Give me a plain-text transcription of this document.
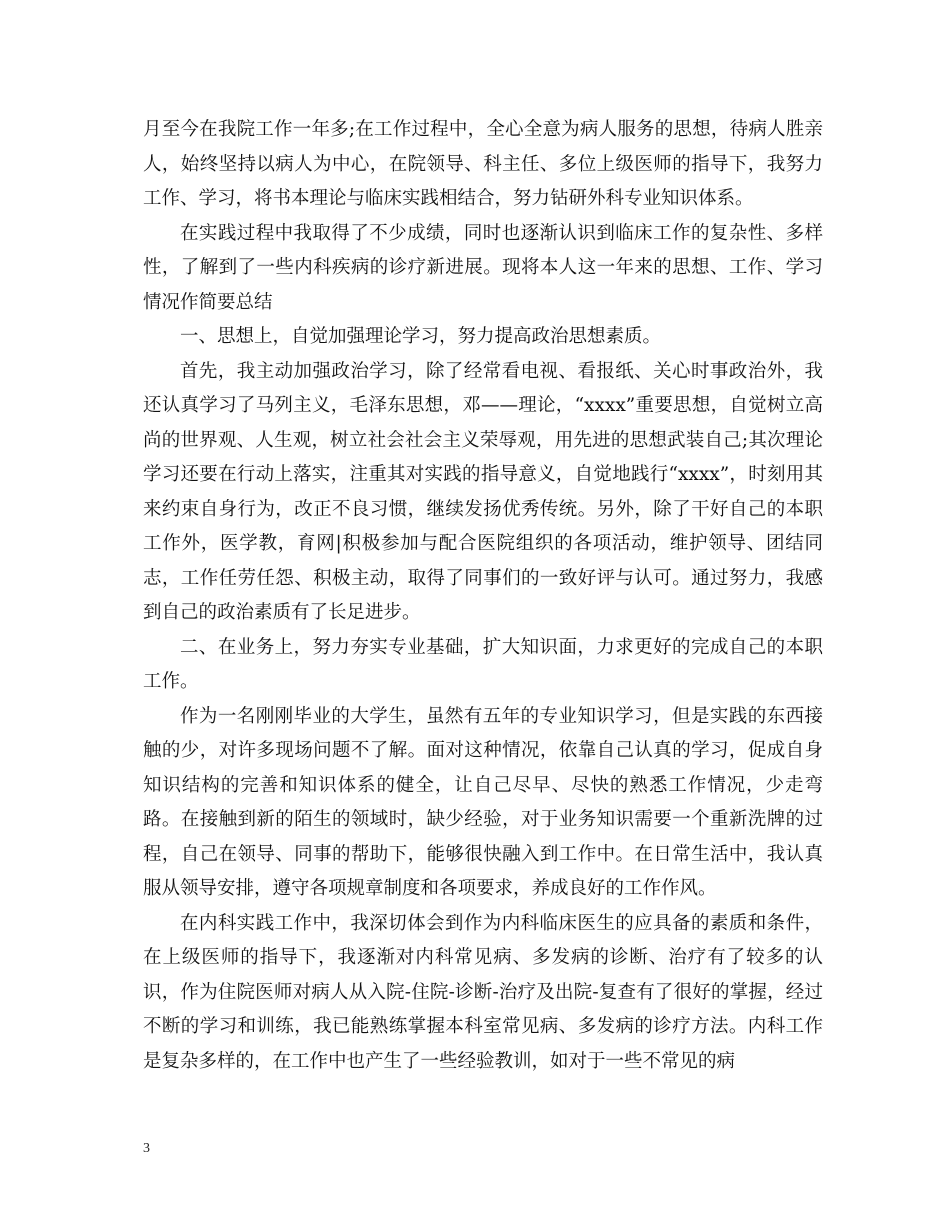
月至今在我院工作一年多;在工作过程中，全心全意为病人服务的思想，待病人胜亲人，始终坚持以病人为中心，在院领导、科主任、多位上级医师的指导下，我努力工作、学习，将书本理论与临床实践相结合，努力钻研外科专业知识体系。

在实践过程中我取得了不少成绩，同时也逐渐认识到临床工作的复杂性、多样性，了解到了一些内科疾病的诊疗新进展。现将本人这一年来的思想、工作、学习情况作简要总结

一、思想上，自觉加强理论学习，努力提高政治思想素质。

首先，我主动加强政治学习，除了经常看电视、看报纸、关心时事政治外，我还认真学习了马列主义，毛泽东思想，邓——理论，“xxxx”重要思想，自觉树立高尚的世界观、人生观，树立社会社会主义荣辱观，用先进的思想武装自己;其次理论学习还要在行动上落实，注重其对实践的指导意义，自觉地践行“xxxx”，时刻用其来约束自身行为，改正不良习惯，继续发扬优秀传统。另外，除了干好自己的本职工作外，医学教，育网|积极参加与配合医院组织的各项活动，维护领导、团结同志，工作任劳任怨、积极主动，取得了同事们的一致好评与认可。通过努力，我感到自己的政治素质有了长足进步。

二、在业务上，努力夯实专业基础，扩大知识面，力求更好的完成自己的本职工作。

作为一名刚刚毕业的大学生，虽然有五年的专业知识学习，但是实践的东西接触的少，对许多现场问题不了解。面对这种情况，依靠自己认真的学习，促成自身知识结构的完善和知识体系的健全，让自己尽早、尽快的熟悉工作情况，少走弯路。在接触到新的陌生的领域时，缺少经验，对于业务知识需要一个重新洗牌的过程，自己在领导、同事的帮助下，能够很快融入到工作中。在日常生活中，我认真服从领导安排，遵守各项规章制度和各项要求，养成良好的工作作风。

在内科实践工作中，我深切体会到作为内科临床医生的应具备的素质和条件，在上级医师的指导下，我逐渐对内科常见病、多发病的诊断、治疗有了较多的认识，作为住院医师对病人从入院-住院-诊断-治疗及出院-复查有了很好的掌握，经过不断的学习和训练，我已能熟练掌握本科室常见病、多发病的诊疗方法。内科工作是复杂多样的，在工作中也产生了一些经验教训，如对于一些不常见的病

3
